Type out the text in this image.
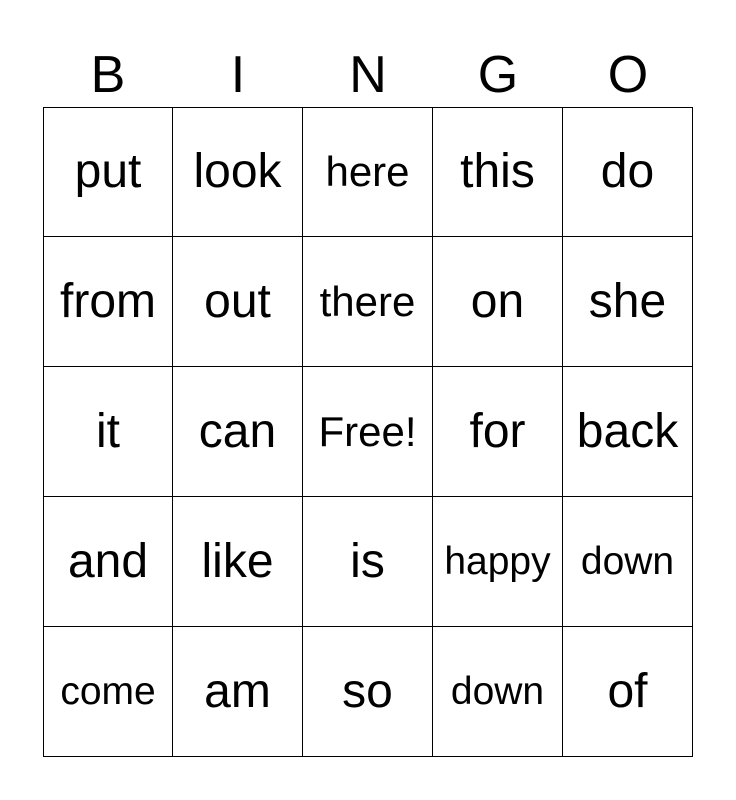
B	I	N	G	O
put look here this do
from out there on she
it can Free! for back
and like is happy down
come am so down of
